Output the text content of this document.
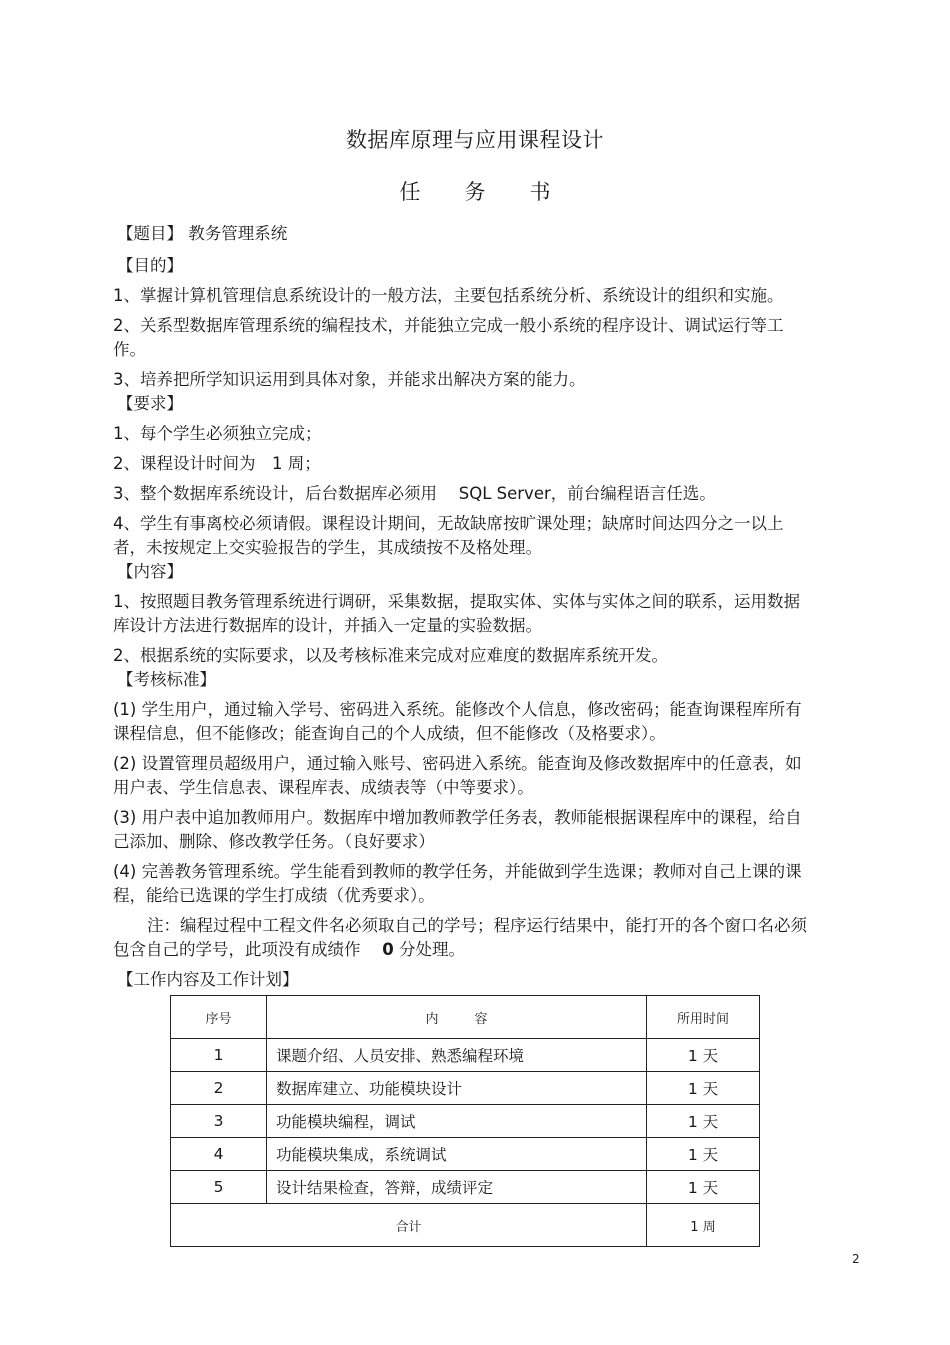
数据库原理与应用课程设计
任 务 书

【题目】 教务管理系统

【目的】

1、掌握计算机管理信息系统设计的一般方法，主要包括系统分析、系统设计的组织和实施。

2、关系型数据库管理系统的编程技术，并能独立完成一般小系统的程序设计、调试运行等工作。

3、培养把所学知识运用到具体对象，并能求出解决方案的能力。

【要求】

1、每个学生必须独立完成；

2、课程设计时间为　1 周；

3、整个数据库系统设计，后台数据库必须用　 SQL Server，前台编程语言任选。

4、学生有事离校必须请假。课程设计期间，无故缺席按旷课处理；缺席时间达四分之一以上者，未按规定上交实验报告的学生，其成绩按不及格处理。

【内容】

1、按照题目教务管理系统进行调研，采集数据，提取实体、实体与实体之间的联系，运用数据库设计方法进行数据库的设计，并插入一定量的实验数据。

2、根据系统的实际要求，以及考核标准来完成对应难度的数据库系统开发。

【考核标准】

(1) 学生用户，通过输入学号、密码进入系统。能修改个人信息，修改密码；能查询课程库所有课程信息，但不能修改；能查询自己的个人成绩，但不能修改（及格要求）。

(2) 设置管理员超级用户，通过输入账号、密码进入系统。能查询及修改数据库中的任意表，如用户表、学生信息表、课程库表、成绩表等（中等要求）。

(3) 用户表中追加教师用户。数据库中增加教师教学任务表，教师能根据课程库中的课程，给自己添加、删除、修改教学任务。（良好要求）

(4) 完善教务管理系统。学生能看到教师的教学任务，并能做到学生选课；教师对自己上课的课程，能给已选课的学生打成绩（优秀要求）。

注：编程过程中工程文件名必须取自己的学号；程序运行结果中，能打开的各个窗口名必须包含自己的学号，此项没有成绩作　 0 分处理。

【工作内容及工作计划】

序号	内 容	所用时间
1	课题介绍、人员安排、熟悉编程环境	1 天
2	数据库建立、功能模块设计	1 天
3	功能模块编程，调试	1 天
4	功能模块集成，系统调试	1 天
5	设计结果检查，答辩，成绩评定	1 天
合计		1 周
2
